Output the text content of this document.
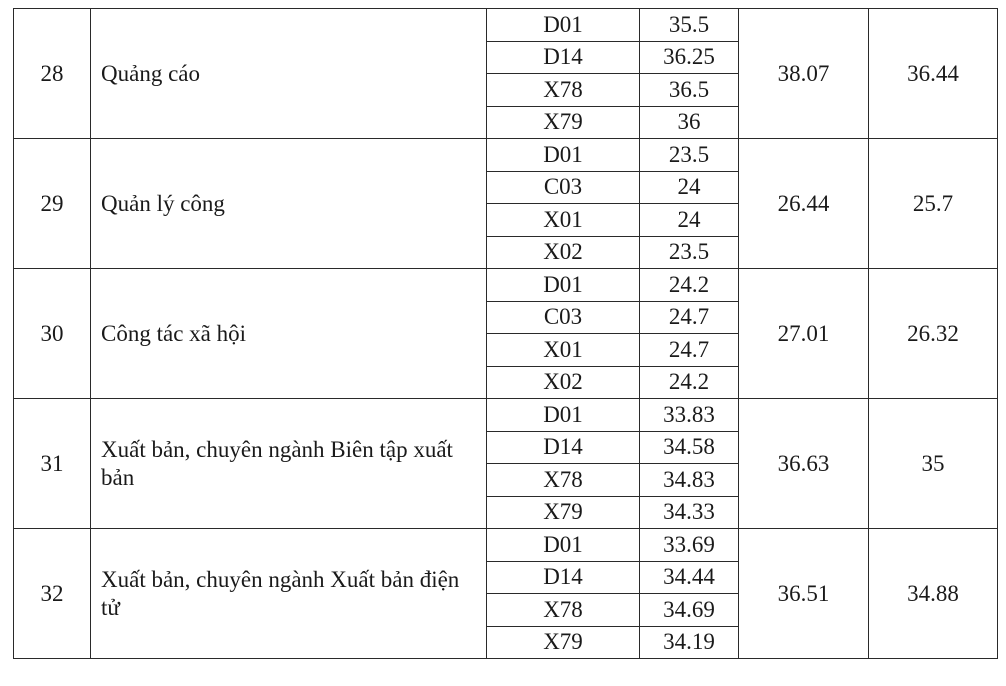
28	Quảng cáo	D01	35.5	38.07	36.44
		D14	36.25		
		X78	36.5		
		X79	36		
29	Quản lý công	D01	23.5	26.44	25.7
		C03	24		
		X01	24		
		X02	23.5		
30	Công tác xã hội	D01	24.2	27.01	26.32
		C03	24.7		
		X01	24.7		
		X02	24.2		
31	Xuất bản, chuyên ngành Biên tập xuất bản	D01	33.83	36.63	35
		D14	34.58		
		X78	34.83		
		X79	34.33		
32	Xuất bản, chuyên ngành Xuất bản điện tử	D01	33.69	36.51	34.88
		D14	34.44		
		X78	34.69		
		X79	34.19		
